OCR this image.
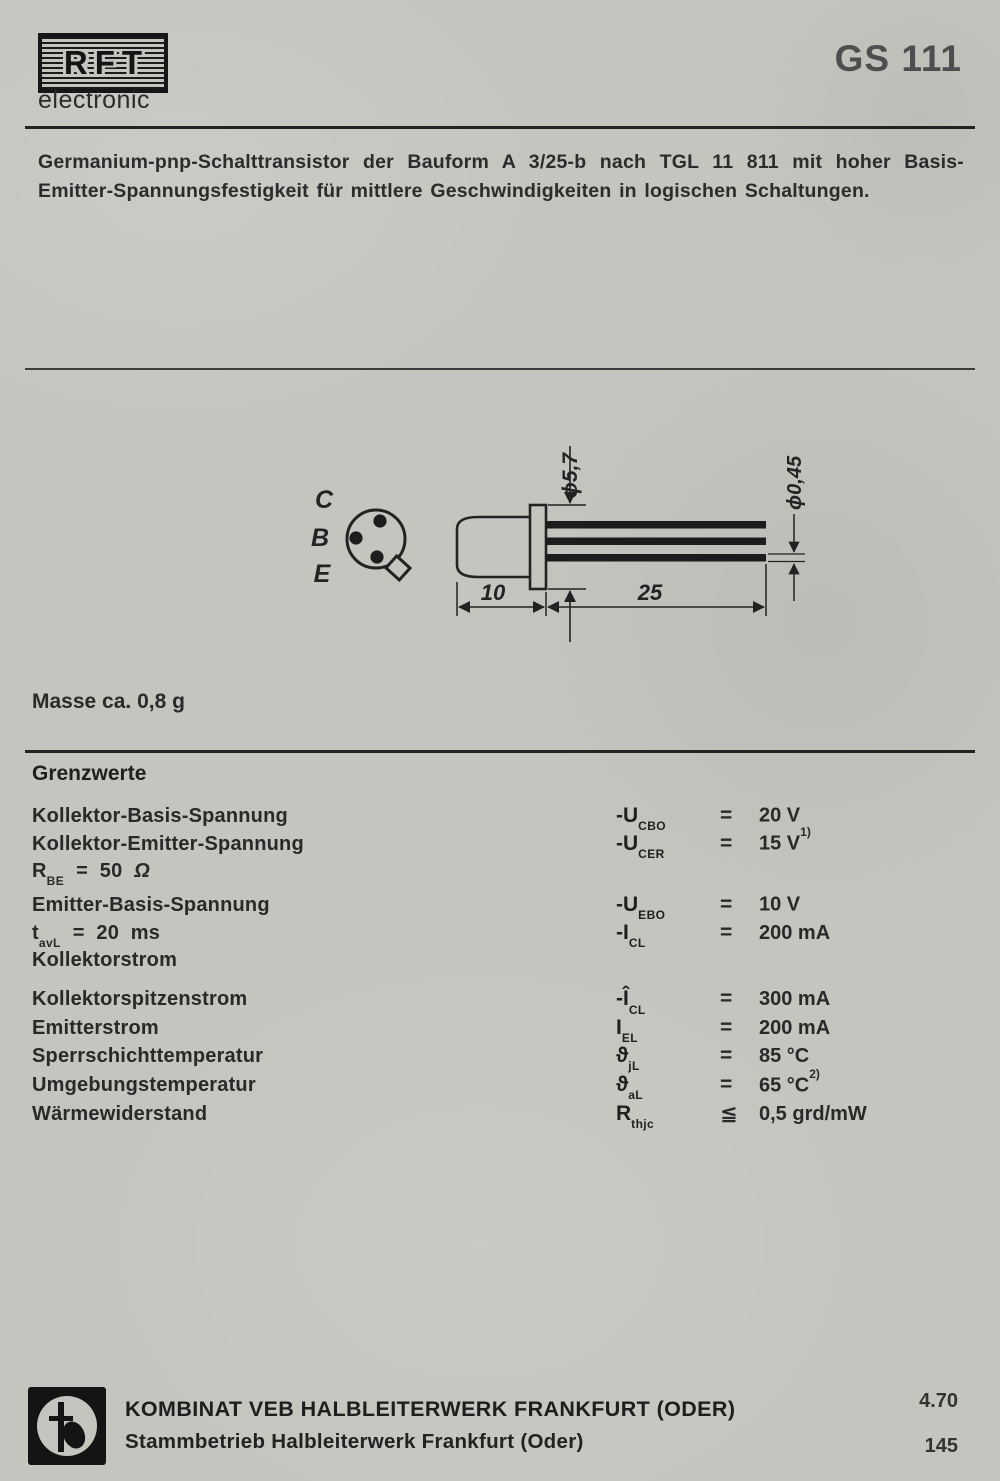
RFT
electronic
GS 111
Germanium-pnp-Schalttransistor der Bauform A 3/25-b nach TGL 11 811 mit hoher Basis-Emitter-Spannungsfestigkeit für mittlere Geschwindigkeiten in logischen Schaltungen.
C
B
E
ϕ5,7	ϕ0,45
10	25
Masse ca. 0,8 g
Grenzwerte
Kollektor-Basis-Spannung	$-U_{CBO}$	=	20 V
Kollektor-Emitter-Spannung	$-U_{CER}$	=	15 $V^{1)}$
$R_{BE} = 50$ Ω
Emitter-Basis-Spannung	$-U_{EBO}$	=	10 V
$t_{avL} = 20$ ms	$-I_{CL}$	=	200 mA
Kollektorstrom
Kollektorspitzenstrom	$-Î_{CL}$	=	300 mA
Emitterstrom	$I_{EL}$	=	200 mA
Sperrschichttemperatur	$ϑ_{jL}$	=	85 °C
Umgebungstemperatur	$ϑ_{aL}$	=	65 $^\circ C^{2)}$
Wärmewiderstand	$R_{thjc}$	≦	0,5 grd/mW
KOMBINAT VEB HALBLEITERWERK FRANKFURT (ODER)
Stammbetrieb Halbleiterwerk Frankfurt (Oder)
4.70
145
